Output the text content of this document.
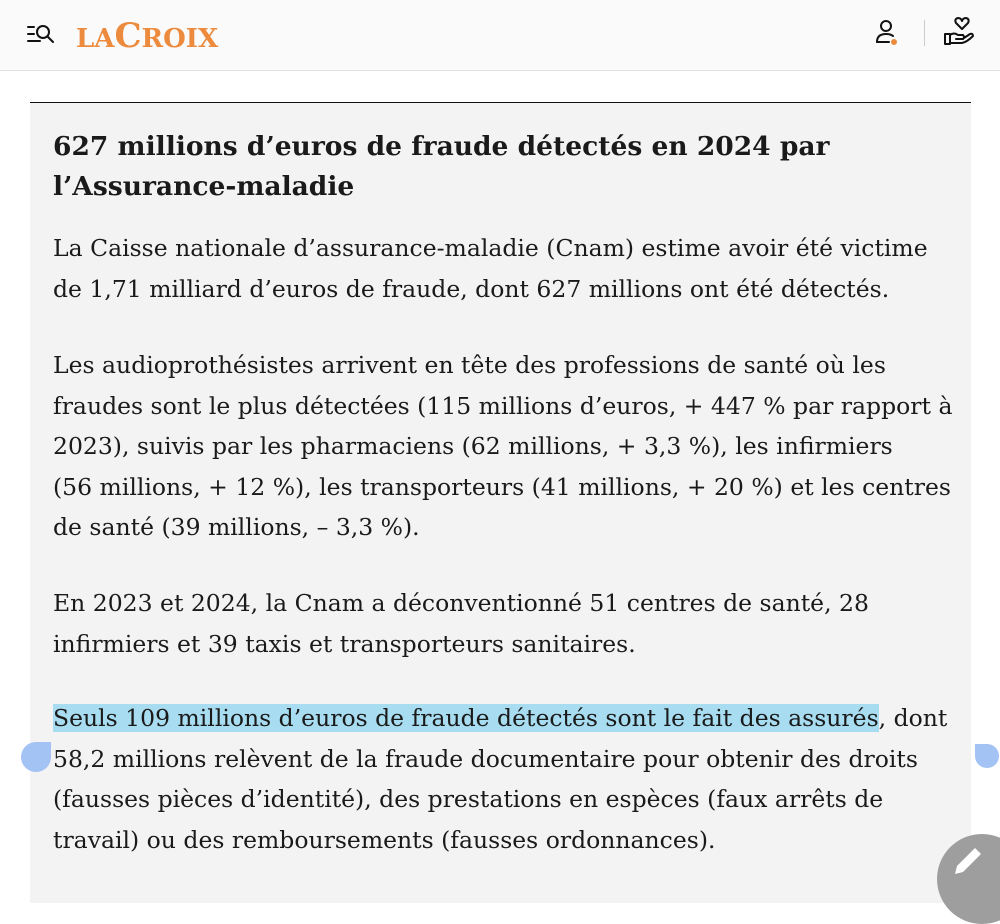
LACROIX
627 millions d’euros de fraude détectés en 2024 par
l’Assurance-maladie

La Caisse nationale d’assurance-maladie (Cnam) estime avoir été victime
de 1,71 milliard d’euros de fraude, dont 627 millions ont été détectés.

Les audioprothésistes arrivent en tête des professions de santé où les
fraudes sont le plus détectées (115 millions d’euros, + 447 % par rapport à
2023), suivis par les pharmaciens (62 millions, + 3,3 %), les infirmiers
(56 millions, + 12 %), les transporteurs (41 millions, + 20 %) et les centres
de santé (39 millions, – 3,3 %).

En 2023 et 2024, la Cnam a déconventionné 51 centres de santé, 28
infirmiers et 39 taxis et transporteurs sanitaires.

Seuls 109 millions d’euros de fraude détectés sont le fait des assurés, dont
58,2 millions relèvent de la fraude documentaire pour obtenir des droits
(fausses pièces d’identité), des prestations en espèces (faux arrêts de
travail) ou des remboursements (fausses ordonnances).
